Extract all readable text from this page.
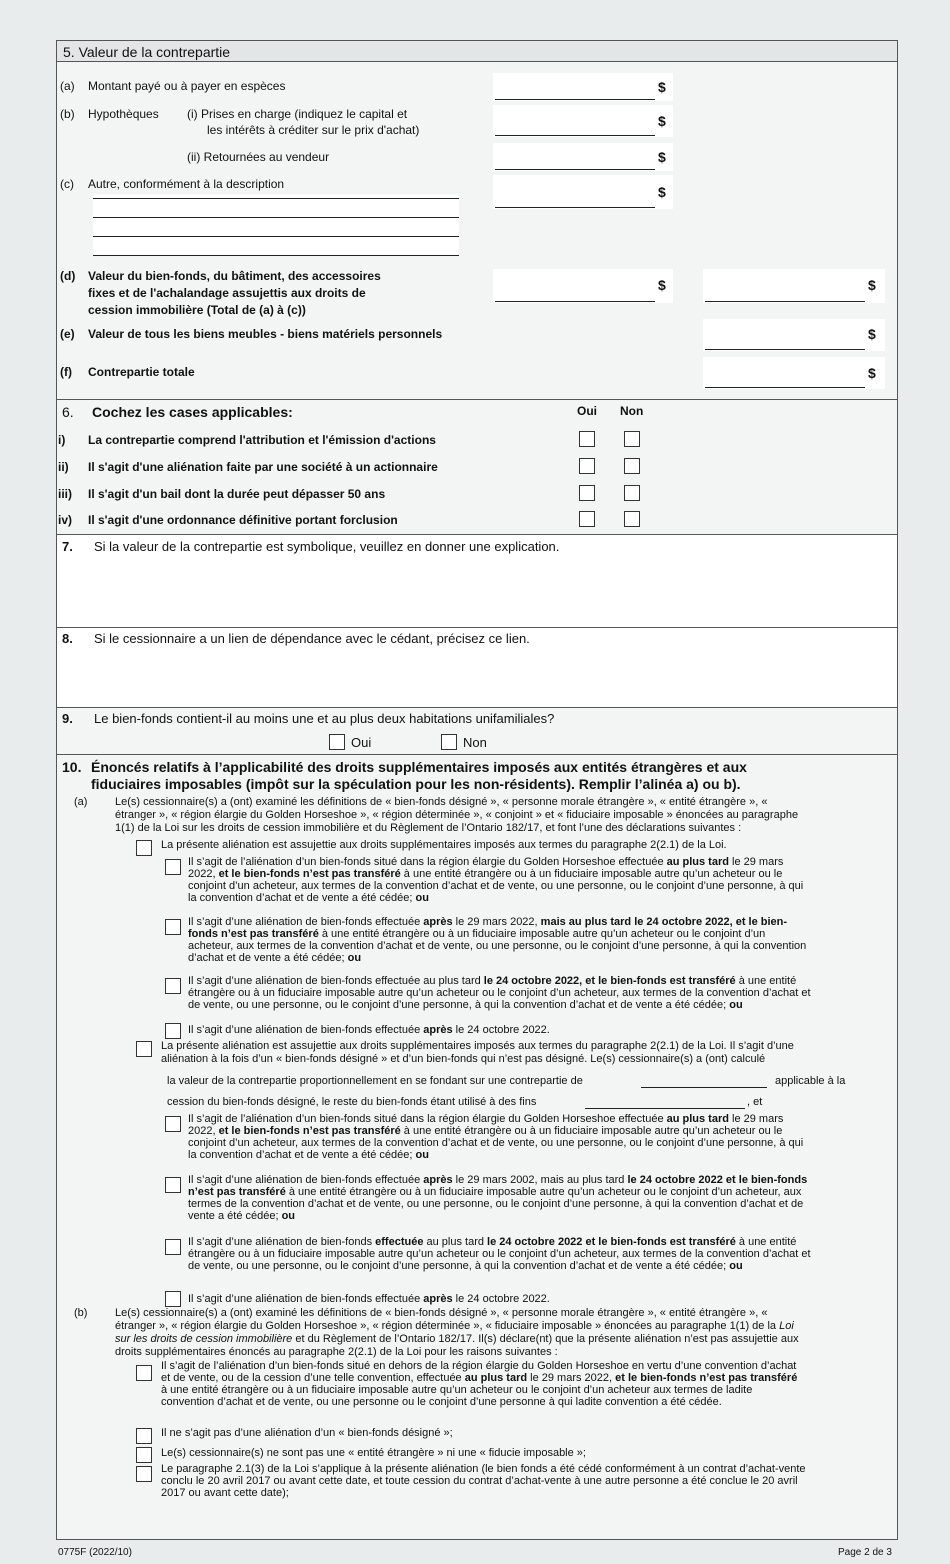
5. Valeur de la contrepartie
(a) Montant payé ou à payer en espèces	$
(b) Hypothèques (i) Prises en charge (indiquez le capital et
les intérêts à créditer sur le prix d'achat)
$
(ii) Retournées au vendeur	$
(c) Autre, conformément à la description	$
(d) Valeur du bien-fonds, du bâtiment, des accessoires
fixes et de l'achalandage assujettis aux droits de
cession immobilière (Total de (a) à (c))
$	$
(e) Valeur de tous les biens meubles - biens matériels personnels	$
(f) Contrepartie totale	$
6. Cochez les cases applicables:	Oui Non
i) La contrepartie comprend l'attribution et l'émission d'actions
ii) Il s'agit d'une aliénation faite par une société à un actionnaire
iii) Il s'agit d'un bail dont la durée peut dépasser 50 ans
iv) Il s'agit d'une ordonnance définitive portant forclusion
7. Si la valeur de la contrepartie est symbolique, veuillez en donner une explication.
8. Si le cessionnaire a un lien de dépendance avec le cédant, précisez ce lien.
9. Le bien-fonds contient-il au moins une et au plus deux habitations unifamiliales?
Oui	Non
10. Énoncés relatifs à l’applicabilité des droits supplémentaires imposés aux entités étrangères et aux
fiduciaires imposables (impôt sur la spéculation pour les non-résidents). Remplir l’alinéa a) ou b).
(a)	Le(s) cessionnaire(s) a (ont) examiné les définitions de « bien-fonds désigné », « personne morale étrangère », « entité étrangère », «
étranger », « région élargie du Golden Horseshoe », « région déterminée », « conjoint » et « fiduciaire imposable » énoncées au paragraphe
1(1) de la Loi sur les droits de cession immobilière et du Règlement de l’Ontario 182/17, et font l’une des déclarations suivantes :
La présente aliénation est assujettie aux droits supplémentaires imposés aux termes du paragraphe 2(2.1) de la Loi.
Il s’agit de l’aliénation d’un bien-fonds situé dans la région élargie du Golden Horseshoe effectuée au plus tard le 29 mars
2022, et le bien-fonds n’est pas transféré à une entité étrangère ou à un fiduciaire imposable autre qu’un acheteur ou le
conjoint d’un acheteur, aux termes de la convention d’achat et de vente, ou une personne, ou le conjoint d’une personne, à qui
la convention d’achat et de vente a été cédée; ou
Il s’agit d’une aliénation de bien-fonds effectuée après le 29 mars 2022, mais au plus tard le 24 octobre 2022, et le bien-
fonds n’est pas transféré à une entité étrangère ou à un fiduciaire imposable autre qu’un acheteur ou le conjoint d’un
acheteur, aux termes de la convention d’achat et de vente, ou une personne, ou le conjoint d’une personne, à qui la convention
d’achat et de vente a été cédée; ou
Il s’agit d’une aliénation de bien-fonds effectuée au plus tard le 24 octobre 2022, et le bien-fonds est transféré à une entité
étrangère ou à un fiduciaire imposable autre qu’un acheteur ou le conjoint d’un acheteur, aux termes de la convention d’achat et
de vente, ou une personne, ou le conjoint d’une personne, à qui la convention d’achat et de vente a été cédée; ou
Il s’agit d’une aliénation de bien-fonds effectuée après le 24 octobre 2022.
La présente aliénation est assujettie aux droits supplémentaires imposés aux termes du paragraphe 2(2.1) de la Loi. Il s’agit d’une
aliénation à la fois d’un « bien-fonds désigné » et d’un bien-fonds qui n’est pas désigné. Le(s) cessionnaire(s) a (ont) calculé
la valeur de la contrepartie proportionnellement en se fondant sur une contrepartie de	applicable à la
cession du bien-fonds désigné, le reste du bien-fonds étant utilisé à des fins	, et
Il s’agit de l’aliénation d’un bien-fonds situé dans la région élargie du Golden Horseshoe effectuée au plus tard le 29 mars
2022, et le bien-fonds n’est pas transféré à une entité étrangère ou à un fiduciaire imposable autre qu’un acheteur ou le
conjoint d’un acheteur, aux termes de la convention d’achat et de vente, ou une personne, ou le conjoint d’une personne, à qui
la convention d’achat et de vente a été cédée; ou
Il s’agit d’une aliénation de bien-fonds effectuée après le 29 mars 2002, mais au plus tard le 24 octobre 2022 et le bien-fonds
n’est pas transféré à une entité étrangère ou à un fiduciaire imposable autre qu’un acheteur ou le conjoint d’un acheteur, aux
termes de la convention d’achat et de vente, ou une personne, ou le conjoint d’une personne, à qui la convention d’achat et de
vente a été cédée; ou
Il s’agit d’une aliénation de bien-fonds effectuée au plus tard le 24 octobre 2022 et le bien-fonds est transféré à une entité
étrangère ou à un fiduciaire imposable autre qu’un acheteur ou le conjoint d’un acheteur, aux termes de la convention d’achat et
de vente, ou une personne, ou le conjoint d’une personne, à qui la convention d’achat et de vente a été cédée; ou
Il s’agit d’une aliénation de bien-fonds effectuée après le 24 octobre 2022.
(b)	Le(s) cessionnaire(s) a (ont) examiné les définitions de « bien-fonds désigné », « personne morale étrangère », « entité étrangère », «
étranger », « région élargie du Golden Horseshoe », « région déterminée », « fiduciaire imposable » énoncées au paragraphe 1(1) de la Loi
sur les droits de cession immobilière et du Règlement de l’Ontario 182/17. Il(s) déclare(nt) que la présente aliénation n’est pas assujettie aux
droits supplémentaires énoncés au paragraphe 2(2.1) de la Loi pour les raisons suivantes :
Il s’agit de l’aliénation d’un bien-fonds situé en dehors de la région élargie du Golden Horseshoe en vertu d’une convention d’achat
et de vente, ou de la cession d’une telle convention, effectuée au plus tard le 29 mars 2022, et le bien-fonds n’est pas transféré
à une entité étrangère ou à un fiduciaire imposable autre qu’un acheteur ou le conjoint d’un acheteur aux termes de ladite
convention d’achat et de vente, ou une personne ou le conjoint d’une personne à qui ladite convention a été cédée.
Il ne s’agit pas d’une aliénation d’un « bien-fonds désigné »;
Le(s) cessionnaire(s) ne sont pas une « entité étrangère » ni une « fiducie imposable »;
Le paragraphe 2.1(3) de la Loi s’applique à la présente aliénation (le bien fonds a été cédé conformément à un contrat d’achat-vente
conclu le 20 avril 2017 ou avant cette date, et toute cession du contrat d’achat-vente à une autre personne a été conclue le 20 avril
2017 ou avant cette date);
0775F (2022/10)	Page 2 de 3
